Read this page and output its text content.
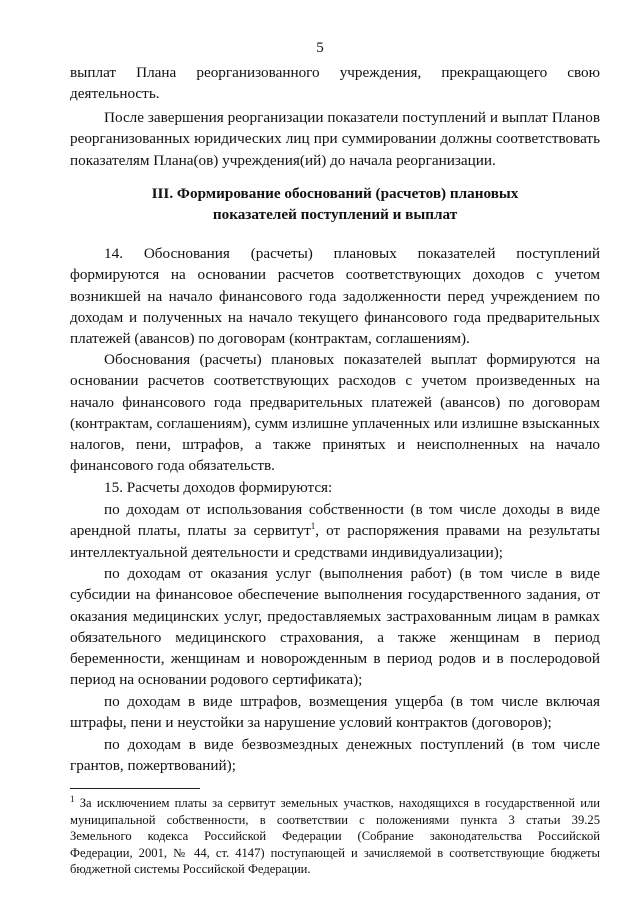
5
выплат Плана реорганизованного учреждения, прекращающего свою
деятельность.
После завершения реорганизации показатели поступлений и выплат Планов
реорганизованных юридических лиц при суммировании должны соответствовать
показателям Плана(ов) учреждения(ий) до начала реорганизации.
III. Формирование обоснований (расчетов) плановых
показателей поступлений и выплат
14. Обоснования (расчеты) плановых показателей поступлений
формируются на основании расчетов соответствующих доходов с учетом
возникшей на начало финансового года задолженности перед учреждением по
доходам и полученных на начало текущего финансового года предварительных
платежей (авансов) по договорам (контрактам, соглашениям).
Обоснования (расчеты) плановых показателей выплат формируются на
основании расчетов соответствующих расходов с учетом произведенных на
начало финансового года предварительных платежей (авансов) по договорам
(контрактам, соглашениям), сумм излишне уплаченных или излишне взысканных
налогов, пени, штрафов, а также принятых и неисполненных на начало
финансового года обязательств.
15. Расчеты доходов формируются:
по доходам от использования собственности (в том числе доходы в виде
арендной платы, платы за сервитут$^1$, от распоряжения правами на результаты
интеллектуальной деятельности и средствами индивидуализации);
по доходам от оказания услуг (выполнения работ) (в том числе в виде
субсидии на финансовое обеспечение выполнения государственного задания, от
оказания медицинских услуг, предоставляемых застрахованным лицам в рамках
обязательного медицинского страхования, а также женщинам в период
беременности, женщинам и новорожденным в период родов и в послеродовой
период на основании родового сертификата);
по доходам в виде штрафов, возмещения ущерба (в том числе включая
штрафы, пени и неустойки за нарушение условий контрактов (договоров);
по доходам в виде безвозмездных денежных поступлений (в том числе
грантов, пожертвований);
$^1$ За исключением платы за сервитут земельных участков, находящихся в государственной или
муниципальной собственности, в соответствии с положениями пункта 3 статьи 39.25
Земельного кодекса Российской Федерации (Собрание законодательства Российской
Федерации, 2001, № 44, ст. 4147) поступающей и зачисляемой в соответствующие бюджеты
бюджетной системы Российской Федерации.
